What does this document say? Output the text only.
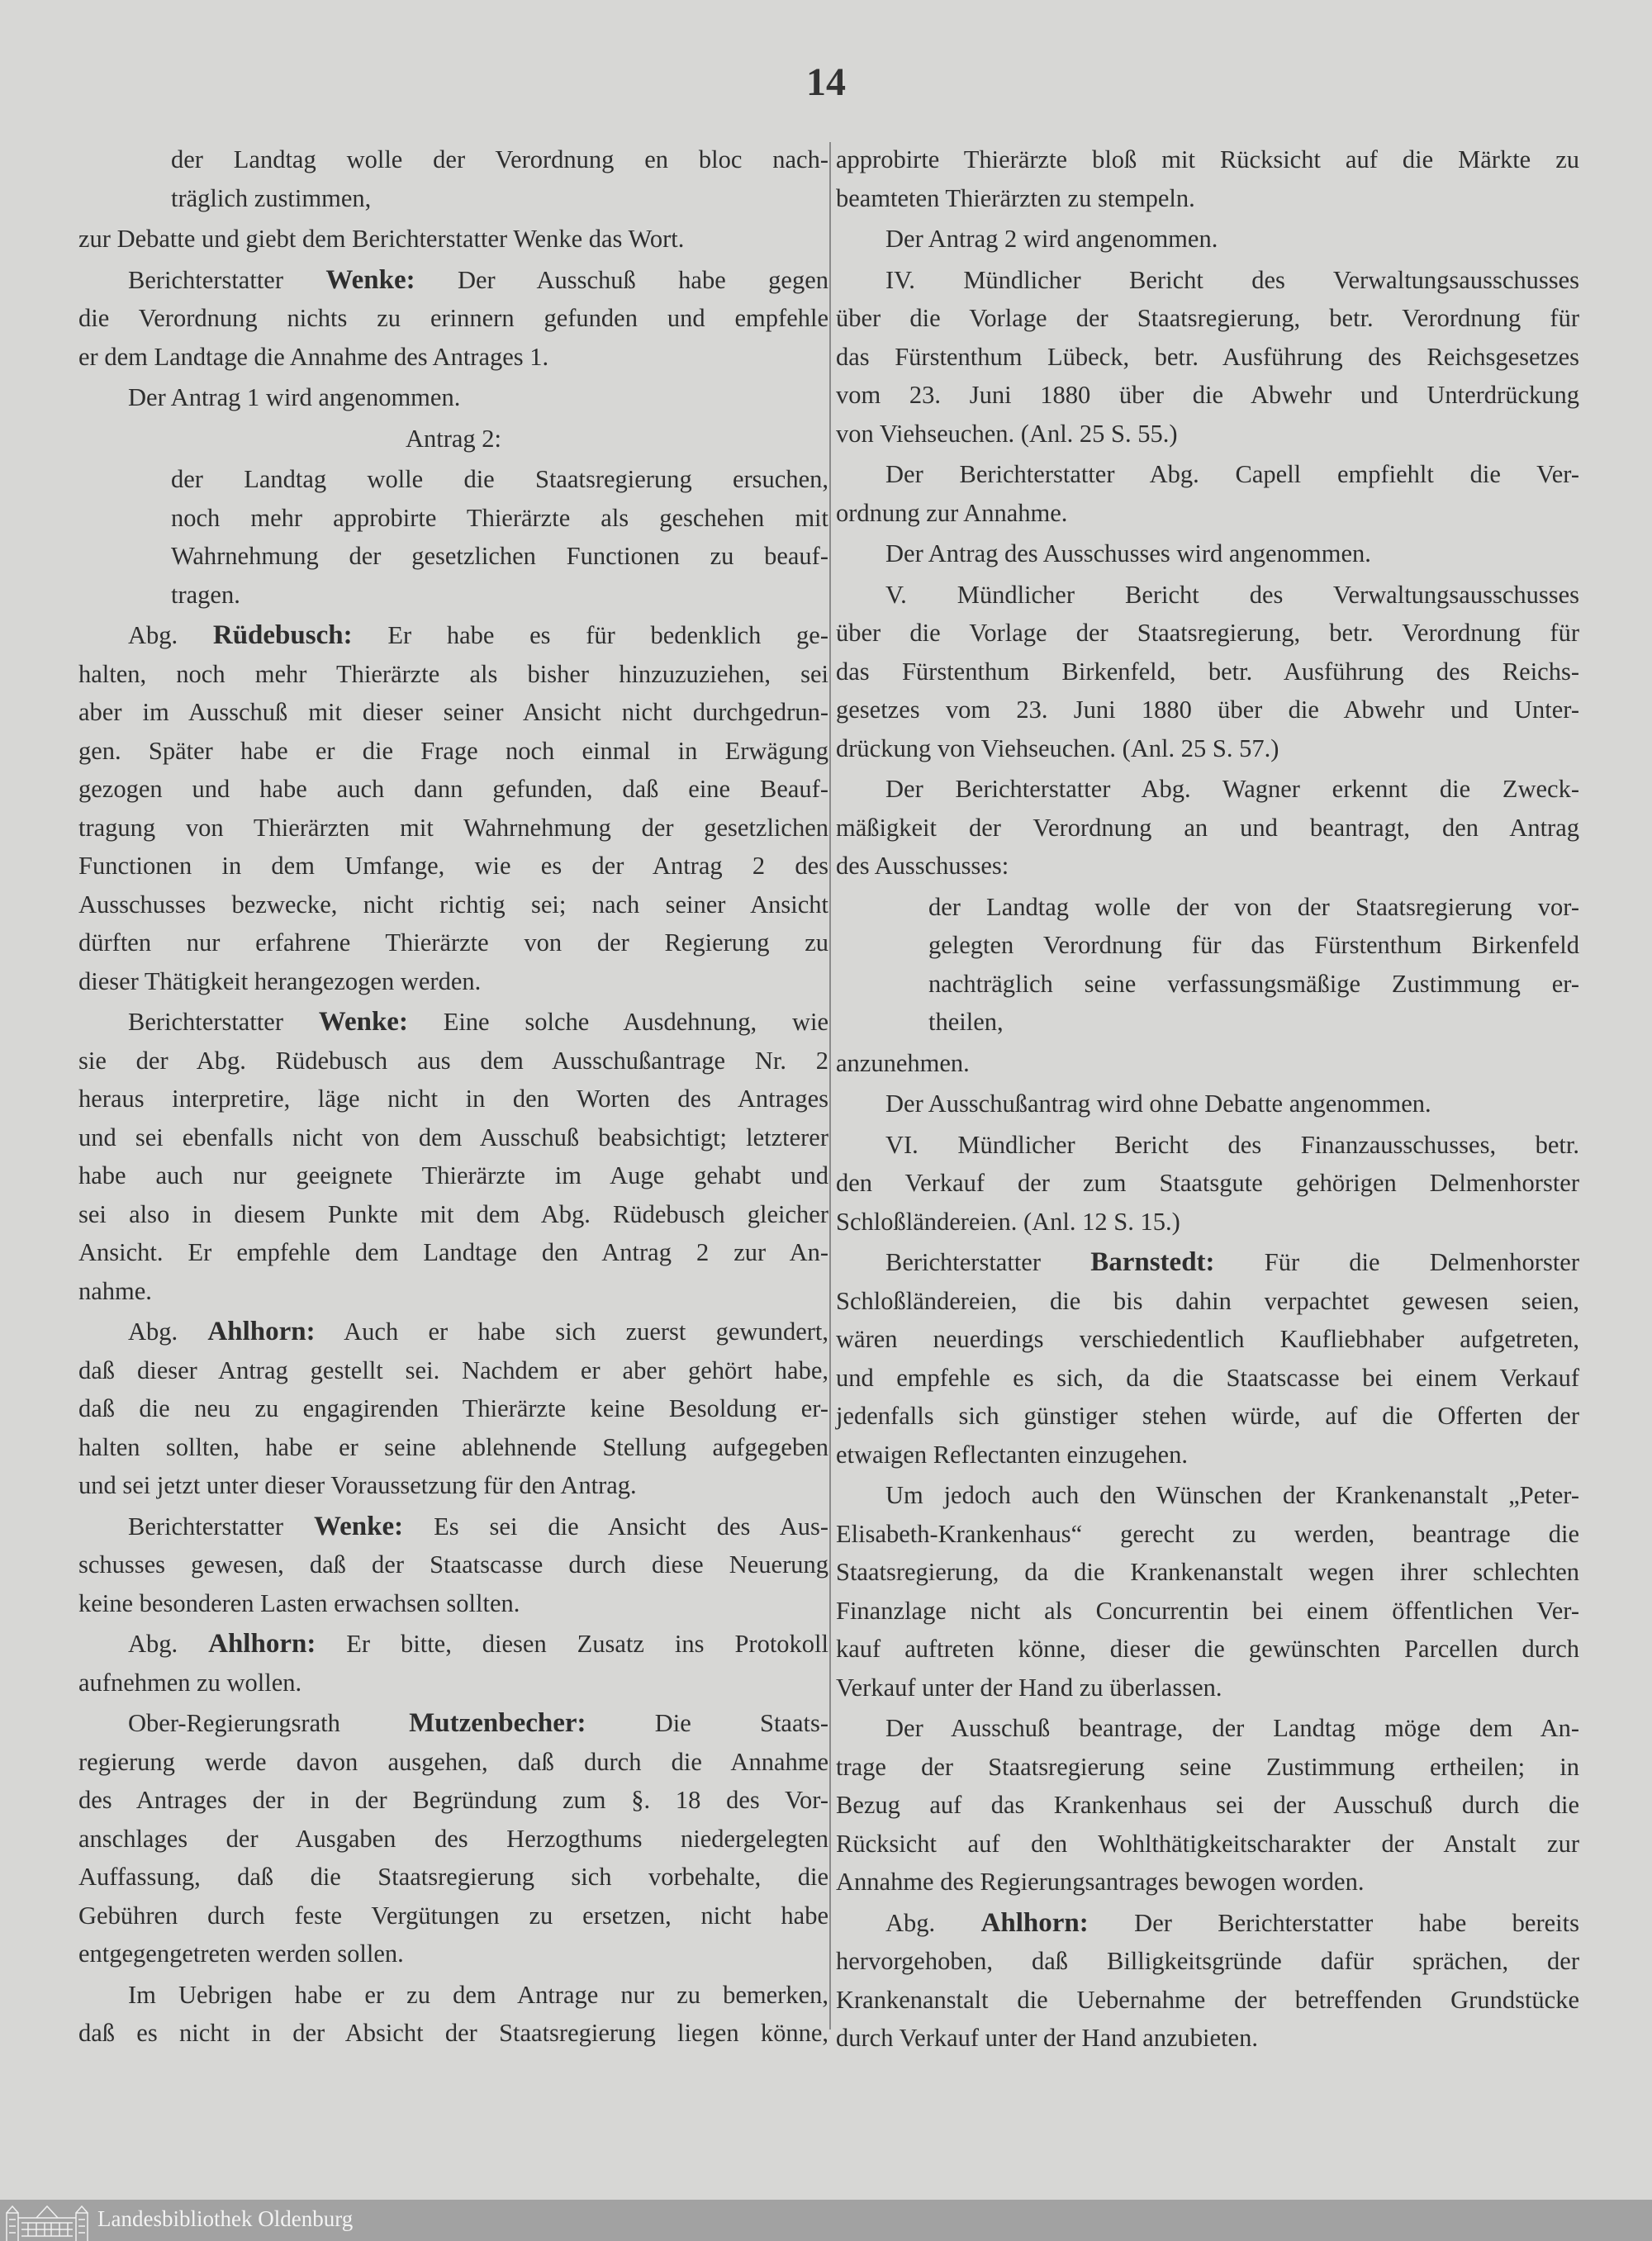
14
der Landtag wolle der Verordnung en bloc nach-
träglich zustimmen,
zur Debatte und giebt dem Berichterstatter Wenke das Wort.
Berichterstatter Wenke: Der Ausschuß habe gegen
die Verordnung nichts zu erinnern gefunden und empfehle
er dem Landtage die Annahme des Antrages 1.
Der Antrag 1 wird angenommen.
Antrag 2:
der Landtag wolle die Staatsregierung ersuchen,
noch mehr approbirte Thierärzte als geschehen mit
Wahrnehmung der gesetzlichen Functionen zu beauf-
tragen.
Abg. Rüdebusch: Er habe es für bedenklich ge-
halten, noch mehr Thierärzte als bisher hinzuzuziehen, sei
aber im Ausschuß mit dieser seiner Ansicht nicht durchgedrun-
gen. Später habe er die Frage noch einmal in Erwägung
gezogen und habe auch dann gefunden, daß eine Beauf-
tragung von Thierärzten mit Wahrnehmung der gesetzlichen
Functionen in dem Umfange, wie es der Antrag 2 des
Ausschusses bezwecke, nicht richtig sei; nach seiner Ansicht
dürften nur erfahrene Thierärzte von der Regierung zu
dieser Thätigkeit herangezogen werden.
Berichterstatter Wenke: Eine solche Ausdehnung, wie
sie der Abg. Rüdebusch aus dem Ausschußantrage Nr. 2
heraus interpretire, läge nicht in den Worten des Antrages
und sei ebenfalls nicht von dem Ausschuß beabsichtigt; letzterer
habe auch nur geeignete Thierärzte im Auge gehabt und
sei also in diesem Punkte mit dem Abg. Rüdebusch gleicher
Ansicht. Er empfehle dem Landtage den Antrag 2 zur An-
nahme.
Abg. Ahlhorn: Auch er habe sich zuerst gewundert,
daß dieser Antrag gestellt sei. Nachdem er aber gehört habe,
daß die neu zu engagirenden Thierärzte keine Besoldung er-
halten sollten, habe er seine ablehnende Stellung aufgegeben
und sei jetzt unter dieser Voraussetzung für den Antrag.
Berichterstatter Wenke: Es sei die Ansicht des Aus-
schusses gewesen, daß der Staatscasse durch diese Neuerung
keine besonderen Lasten erwachsen sollten.
Abg. Ahlhorn: Er bitte, diesen Zusatz ins Protokoll
aufnehmen zu wollen.
Ober-Regierungsrath Mutzenbecher: Die Staats-
regierung werde davon ausgehen, daß durch die Annahme
des Antrages der in der Begründung zum §. 18 des Vor-
anschlages der Ausgaben des Herzogthums niedergelegten
Auffassung, daß die Staatsregierung sich vorbehalte, die
Gebühren durch feste Vergütungen zu ersetzen, nicht habe
entgegengetreten werden sollen.
Im Uebrigen habe er zu dem Antrage nur zu bemerken,
daß es nicht in der Absicht der Staatsregierung liegen könne,
approbirte Thierärzte bloß mit Rücksicht auf die Märkte zu
beamteten Thierärzten zu stempeln.
Der Antrag 2 wird angenommen.
IV. Mündlicher Bericht des Verwaltungsausschusses
über die Vorlage der Staatsregierung, betr. Verordnung für
das Fürstenthum Lübeck, betr. Ausführung des Reichsgesetzes
vom 23. Juni 1880 über die Abwehr und Unterdrückung
von Viehseuchen. (Anl. 25 S. 55.)
Der Berichterstatter Abg. Capell empfiehlt die Ver-
ordnung zur Annahme.
Der Antrag des Ausschusses wird angenommen.
V. Mündlicher Bericht des Verwaltungsausschusses
über die Vorlage der Staatsregierung, betr. Verordnung für
das Fürstenthum Birkenfeld, betr. Ausführung des Reichs-
gesetzes vom 23. Juni 1880 über die Abwehr und Unter-
drückung von Viehseuchen. (Anl. 25 S. 57.)
Der Berichterstatter Abg. Wagner erkennt die Zweck-
mäßigkeit der Verordnung an und beantragt, den Antrag
des Ausschusses:
der Landtag wolle der von der Staatsregierung vor-
gelegten Verordnung für das Fürstenthum Birkenfeld
nachträglich seine verfassungsmäßige Zustimmung er-
theilen,
anzunehmen.
Der Ausschußantrag wird ohne Debatte angenommen.
VI. Mündlicher Bericht des Finanzausschusses, betr.
den Verkauf der zum Staatsgute gehörigen Delmenhorster
Schloßländereien. (Anl. 12 S. 15.)
Berichterstatter Barnstedt: Für die Delmenhorster
Schloßländereien, die bis dahin verpachtet gewesen seien,
wären neuerdings verschiedentlich Kaufliebhaber aufgetreten,
und empfehle es sich, da die Staatscasse bei einem Verkauf
jedenfalls sich günstiger stehen würde, auf die Offerten der
etwaigen Reflectanten einzugehen.
Um jedoch auch den Wünschen der Krankenanstalt „Peter-
Elisabeth-Krankenhaus“ gerecht zu werden, beantrage die
Staatsregierung, da die Krankenanstalt wegen ihrer schlechten
Finanzlage nicht als Concurrentin bei einem öffentlichen Ver-
kauf auftreten könne, dieser die gewünschten Parcellen durch
Verkauf unter der Hand zu überlassen.
Der Ausschuß beantrage, der Landtag möge dem An-
trage der Staatsregierung seine Zustimmung ertheilen; in
Bezug auf das Krankenhaus sei der Ausschuß durch die
Rücksicht auf den Wohlthätigkeitscharakter der Anstalt zur
Annahme des Regierungsantrages bewogen worden.
Abg. Ahlhorn: Der Berichterstatter habe bereits
hervorgehoben, daß Billigkeitsgründe dafür sprächen, der
Krankenanstalt die Uebernahme der betreffenden Grundstücke
durch Verkauf unter der Hand anzubieten.
Landesbibliothek Oldenburg
